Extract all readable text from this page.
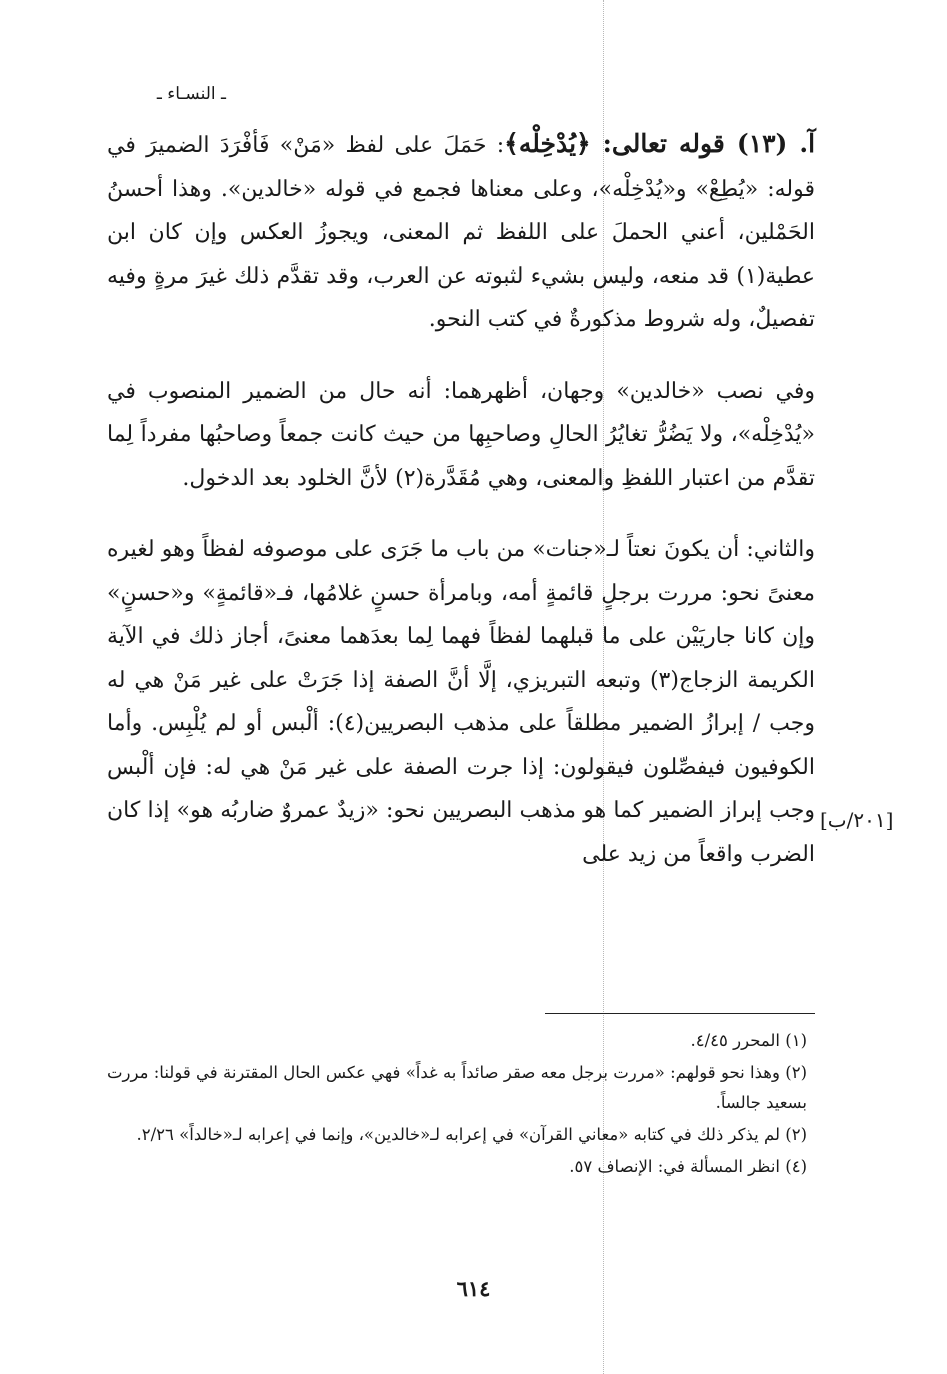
ـ النسـاء ـ
[٢٠١/ب]

آ. (١٣) قوله تعالى: ﴿يُدْخِلْه﴾: حَمَلَ على لفظ «مَنْ» فَأفْرَدَ الضميرَ في قوله: «يُطِعْ» و«يُدْخِلْه»، وعلى معناها فجمع في قوله «خالدين». وهذا أحسنُ الحَمْلين، أعني الحملَ على اللفظ ثم المعنى، ويجوزُ العكس وإن كان ابن عطية(١) قد منعه، وليس بشيء لثبوته عن العرب، وقد تقدَّم ذلك غيرَ مرةٍ وفيه تفصيلٌ، وله شروط مذكورةٌ في كتب النحو.

وفي نصب «خالدين» وجهان، أظهرهما: أنه حال من الضمير المنصوب في «يُدْخِلْه»، ولا يَضُرُّ تغايُرُ الحالِ وصاحبِها من حيث كانت جمعاً وصاحبُها مفرداً لِما تقدَّم من اعتبار اللفظِ والمعنى، وهي مُقَدَّرة(٢) لأنَّ الخلود بعد الدخول.

والثاني: أن يكونَ نعتاً لـ«جنات» من باب ما جَرَى على موصوفه لفظاً وهو لغيره معنىً نحو: مررت برجلٍ قائمةٍ أمه، وبامرأة حسنٍ غلامُها، فـ«قائمةٍ» و«حسنٍ» وإن كانا جاريَيْن على ما قبلهما لفظاً فهما لِما بعدَهما معنىً، أجاز ذلك في الآية الكريمة الزجاج(٣) وتبعه التبريزي، إلَّا أنَّ الصفة إذا جَرَتْ على غير مَنْ هي له وجب / إبرازُ الضمير مطلقاً على مذهب البصريين(٤): ألْبس أو لم يُلْبِس. وأما الكوفيون فيفصِّلون فيقولون: إذا جرت الصفة على غير مَنْ هي له: فإن ألْبس وجب إبراز الضمير كما هو مذهب البصريين نحو: «زيدٌ عمروٌ ضاربُه هو» إذا كان الضرب واقعاً من زيد على

(١) المحرر ٤/٤٥.

(٢) وهذا نحو قولهم: «مررت برجل معه صقر صائداً به غداً» فهي عكس الحال المقترنة في قولنا: مررت بسعيد جالساً.

(٢) لم يذكر ذلك في كتابه «معاني القرآن» في إعرابه لـ«خالدين»، وإنما في إعرابه لـ«خالداً» ٢/٢٦.

(٤) انظر المسألة في: الإنصاف ٥٧.

٦١٤
